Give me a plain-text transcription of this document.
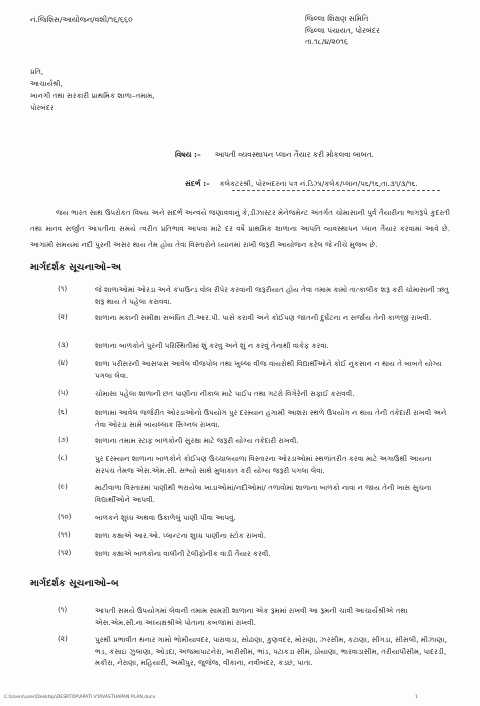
નં.જિશિસ/આયોજન/વશી/૧૬/૬૬૦	જિલ્લા શિક્ષણ સમિતિ
જિલ્લા પંચાયત, પોરબંદર
તા.૧૮/૪/૨૦૧૬
પ્રતિ,
આચાર્યશ્રી,
ખાનગી તથા સરકારી પ્રાથમિક શાળા–તમામ,
પોરબંદર
વિષય :– આપતી વ્યવસ્થાપન પ્લાન તૈયાર કરી મોકલવા બાબત.
સંદર્ભ :– કલેકટરશ્રી, પોરબંદરના પત્ર નં.ડિઝા/કલેક/પ્લાન/પ૬/૧૬,તા.૩૧/૩/૧૬.
જય ભારત સાથ ઉપરોકત વિષય અને સંદર્ભ અન્વયે જણાવવાનું કે,ડીઝાસ્ટર મેનેજમેન્ટ અંતર્ગત ચોમાસાની પુર્વ તૈયારીના ભાગરૂપે કુદરતી તથા માનવ સર્જીત આપતીના સમયે ત્વરીત પ્રતિભાવ આપવા માટે દર વર્ષે પ્રાથમિક શાળાના આપતિ વ્યવસ્થાપન પ્લાન તૈયાર કરવામાં આવે છે. આગામી સમયમાં નદી પુરની અસર થાય તેમ હોય તેવા વિસ્તારોને ધ્યાનમાં રાખી જરૂરી આયોજન કરેલ જે નીચે મુજબ છે.
માર્ગદર્શક સૂચનાઓ–અ
(૧)	જે શાળાઓમાં ઓરડા અને કંપાઉન્ડ વોલ રીપેર કરવાની જરૂરીયાત હોય તેવા તમામ કામો તાત્કાલીક શરૂ કરી ચોમાસાની ઋતુ શરૂ થાય તે પહેલા કરાવવા.
(૨)	શાળાના મકાની સમીક્ષા સબંધિત ટી.આર.પી. પાસે કરાવી અને કોઈપણ જાતની દુર્ઘટના ન સર્જાય તેની કાળજી રાખવી.
(૩)	શાળાના બાળકોને પુરની પરિસ્થિતીમાં શું કરવુ અને શું ન કરવું તેનાથી વાકેફ કરવા.
(૪)	શાળા પરીસરની આસપાસ આવેલ વીજપોલ તથા ખુલ્લા વીજ વાયરોથી વિદ્યાર્થીઓને કોઈ નુકસાન ન થાય તે બાબતે યોગ્ય પગલા લેવા.
(૫)	ચોમાસા પહેલા શાળાની છત પાણીના નીકાલ માટે પાઈપ તથા ગટરો વિગેરેની સફાઈ કરાવવી.
(૬)	શાળામાં આવેલ જર્જરીત ઓરડાઓનો ઉપયોગ પુર દરમ્યાન હંગામી આશરા સ્થળે ઉપયોગ ન થાય તેની તકેદારી રાખવી અને તેવા ઓરડા સામે બાયલ્લાક સિગ્નલ રાખવા.
(૭)	શાળાના તમામ સ્ટાફ બાળકોની સુરક્ષા માટે જરૂરી યોગ્ય તકેદારી રાખવી.
(૮)	પુર દરમ્યાન શાળાના બાળકોને કોઈપણ ઉચ્ચાલયાળા વિસ્તારના ઓરડાઓમાં સ્થળાંતરીત કરવા માટે અગાઉથી આયના સરપંચ તેમજ એસ.એમ.સી. સભ્યો સાથે મુલાકાત કરી યોગ્ય જરૂરી પગલા લેવા.
(૯)	માટીવાળા વિસ્તારમાં પાણીથી ભરાયેલા ખાડાઓમાં/નદીઓમાં/ તળાવોમાં શાળાના બાળકો નાવા ન જાય તેની ખાસ સુચના વિદ્યાર્થીઓને આપવી.
(૧૦)	બાળકને શુધ્ધ અથવા ઉકાળેલું પાણી પીવા આપવું.
(૧૧)	શાળા કક્ષાએ આર.ઓ. પ્લાન્ટના શુધ્ધ પાણીના સ્ટોક રાખવો.
(૧૨)	શાળા કક્ષાએ બાળકોના વાલીની ટેલીફોનીક વાડી તૈયાર કરવી.
માર્ગદર્શક સૂચનાઓ–બ
(૧)	આપતી સમયે ઉપયોગમાં લેવાની તમામ સામગ્રી શાળાના એક રૂમમાં રાખવી આ રૂમની ચાવી આચાર્યશ્રીએ તથા એસ.એમ.સી.ના અધ્યક્ષશ્રીએ પોતાના કબજામાં રાખવી.
(૨)	પુરથી પ્રભાવીત થનાર ગામો ભોમીયાવદર, પારાવાડા, સોઢાણા, કુણવદર, મોરાણા, ઝરસીમ, કટાણા, સીંગડા, સીસલી, મીઝાણા, ભડ, કંસાઇ ઝુલાણા, ઓડદા, અજમાપાટનેરા, ખારીસીમ, ભાંડ, પટાકડા સીમ, ઠોયાણા, ભારવાડાસીમ, તરીયાપીસીમ, પાદરડી, મકીરા, નેરાણા, મહિયારી, અમીપુર, જુજેજ, વીકાના, નવીબંદર, કડછ, પાતા.
C:\Users\user\Desktop\DESKTOP\APATI VYAVASTHAPAN PLAN.docx	1
